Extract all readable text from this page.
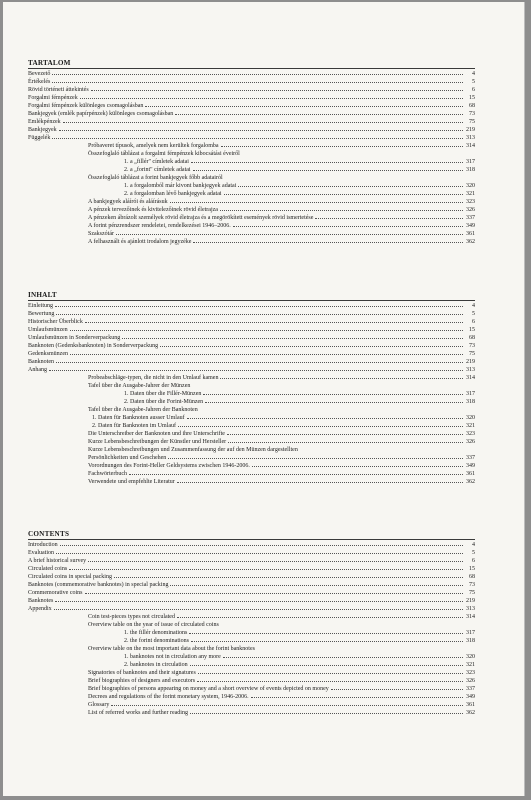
TARTALOM
Bevezető	4
Értékelés	5
Rövid történeti áttekintés	6
Forgalmi fémpénzek	15
Forgalmi fémpénzek különleges csomagolásban	68
Bankjegyek (emlék papírpénzek) különleges csomagolásban	73
Emlékpénzek	75
Bankjegyek	219
Függelék	313
Próbaveret típusok, amelyek nem kerültek forgalomba	314
Összefoglaló táblázat a forgalmi fémpénzek kibocsátási éveiről
1. a „fillér" címletek adatai	317
2. a „forint" címletek adatai	318
Összefoglaló táblázat a forint bankjegyek főbb adatairól
1. a forgalomból már kivont bankjegyek adatai	320
2. a forgalomban lévő bankjegyek adatai	321
A bankjegyek aláírói és aláírásuk	323
A pénzek tervezőinek és kivitelezőinek rövid életrajza	326
A pénzeken ábrázolt személyek rövid életrajza és a megörökített események rövid ismertetése	337
A forint pénzrendszer rendeletei, rendelkezései 1946–2006.	349
Szakszótár	361
A felhasznált és ajánlott irodalom jegyzéke	362
INHALT
Einleitung	4
Bewertung	5
Historischer Überblick	6
Umlaufsmünzen	15
Umlaufsmünzen in Sonderverpackung	68
Banknoten (Gedenksbanknoten) in Sonderverpackung	73
Gedenksmünzen	75
Banknoten	219
Anhang	313
Probeabschläge-typen, die nicht in den Umlauf kamen	314
Tafel über die Ausgabe-Jahrer der Münzen
1. Daten über die Fillér-Münzen	317
2. Daten über die Forint-Münzen	318
Tafel über die Ausgabe-Jahren der Banknoten
1. Daten für Banknoten ausser Umlauf	320
2. Daten für Banknoten im Umlauf	321
Die Unterschreiber der Banknoten und ihre Unterschrifte	323
Kurze Lebensbeschreibungen der Künstler und Hersteller	326
Kurze Lebensbeschreibungen und Zusammenfassung der auf den Münzen dargestellten
Persönlichkeiten und Geschehen	337
Vorordnungen des Forint-Heller Geldsystems zwischen 1946-2006.	349
Fachwörterbuch	361
Verwendete und empfehlte Literatur	362
CONTENTS
Introduction	4
Evaluation	5
A brief historical survey	6
Circulated coins	15
Circulated coins in special packing	68
Banknotes (commemorative banknotes) in special packing	73
Commemorative coins	75
Banknotes	219
Appendix	313
Coin test-pieces types not circulated	314
Overview table on the year of issue of circulated coins
1. the fillér denominations	317
2. the forint denominations	318
Overview table on the most important data about the forint banknotes
1. banknotes not in circulation any more	320
2. banknotes in circulation	321
Signatories of banknotes and their signatures	323
Brief biographies of designers and executors	326
Brief biographies of persons appearing on money and a short overview of events depicted on money	337
Decrees and regulations of the forint monetary system, 1946-2006.	349
Glossary	361
List of referred works and further reading	362
